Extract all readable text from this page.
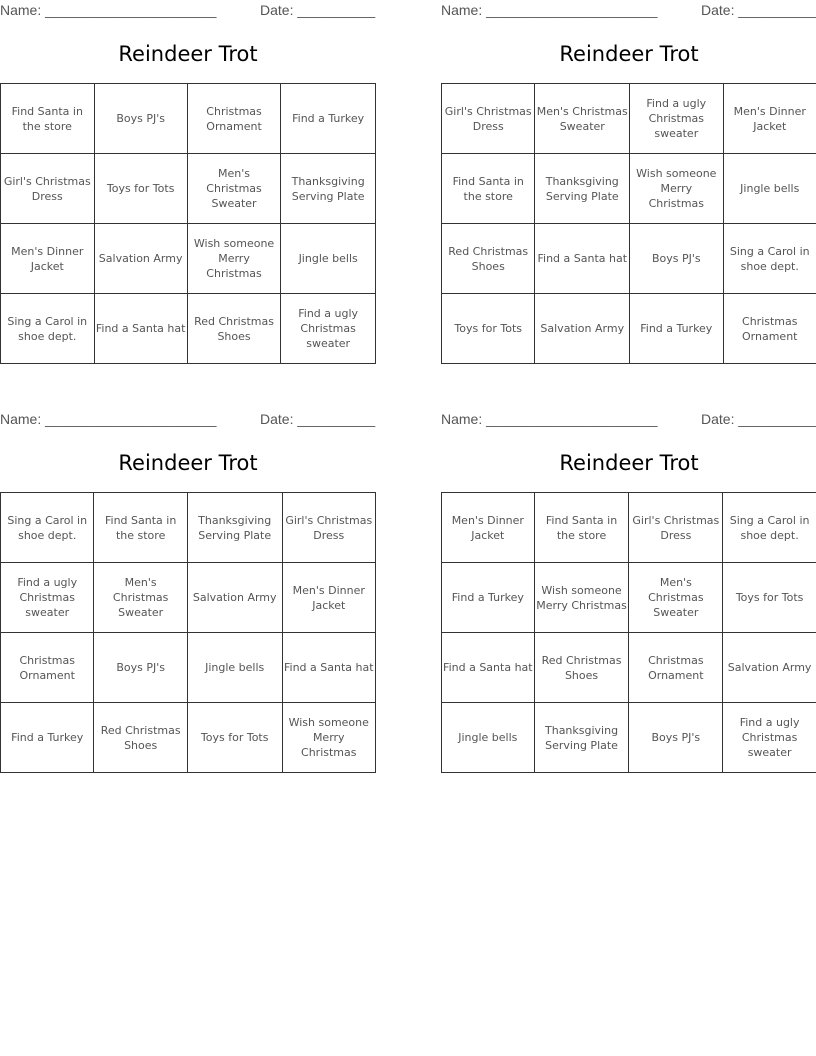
Name: ______________________	Date: __________
Reindeer Trot
Find Santa in the store	Boys PJ's	Christmas Ornament	Find a Turkey
Girl's Christmas Dress	Toys for Tots	Men's Christmas Sweater	Thanksgiving Serving Plate
Men's Dinner Jacket	Salvation Army	Wish someone Merry Christmas	Jingle bells
Sing a Carol in shoe dept.	Find a Santa hat	Red Christmas Shoes	Find a ugly Christmas sweater
Name: ______________________	Date: __________
Reindeer Trot
Girl's Christmas Dress	Men's Christmas Sweater	Find a ugly Christmas sweater	Men's Dinner Jacket
Find Santa in the store	Thanksgiving Serving Plate	Wish someone Merry Christmas	Jingle bells
Red Christmas Shoes	Find a Santa hat	Boys PJ's	Sing a Carol in shoe dept.
Toys for Tots	Salvation Army	Find a Turkey	Christmas Ornament
Name: ______________________	Date: __________
Reindeer Trot
Sing a Carol in shoe dept.	Find Santa in the store	Thanksgiving Serving Plate	Girl's Christmas Dress
Find a ugly Christmas sweater	Men's Christmas Sweater	Salvation Army	Men's Dinner Jacket
Christmas Ornament	Boys PJ's	Jingle bells	Find a Santa hat
Find a Turkey	Red Christmas Shoes	Toys for Tots	Wish someone Merry Christmas
Name: ______________________	Date: __________
Reindeer Trot
Men's Dinner Jacket	Find Santa in the store	Girl's Christmas Dress	Sing a Carol in shoe dept.
Find a Turkey	Wish someone Merry Christmas	Men's Christmas Sweater	Toys for Tots
Find a Santa hat	Red Christmas Shoes	Christmas Ornament	Salvation Army
Jingle bells	Thanksgiving Serving Plate	Boys PJ's	Find a ugly Christmas sweater
